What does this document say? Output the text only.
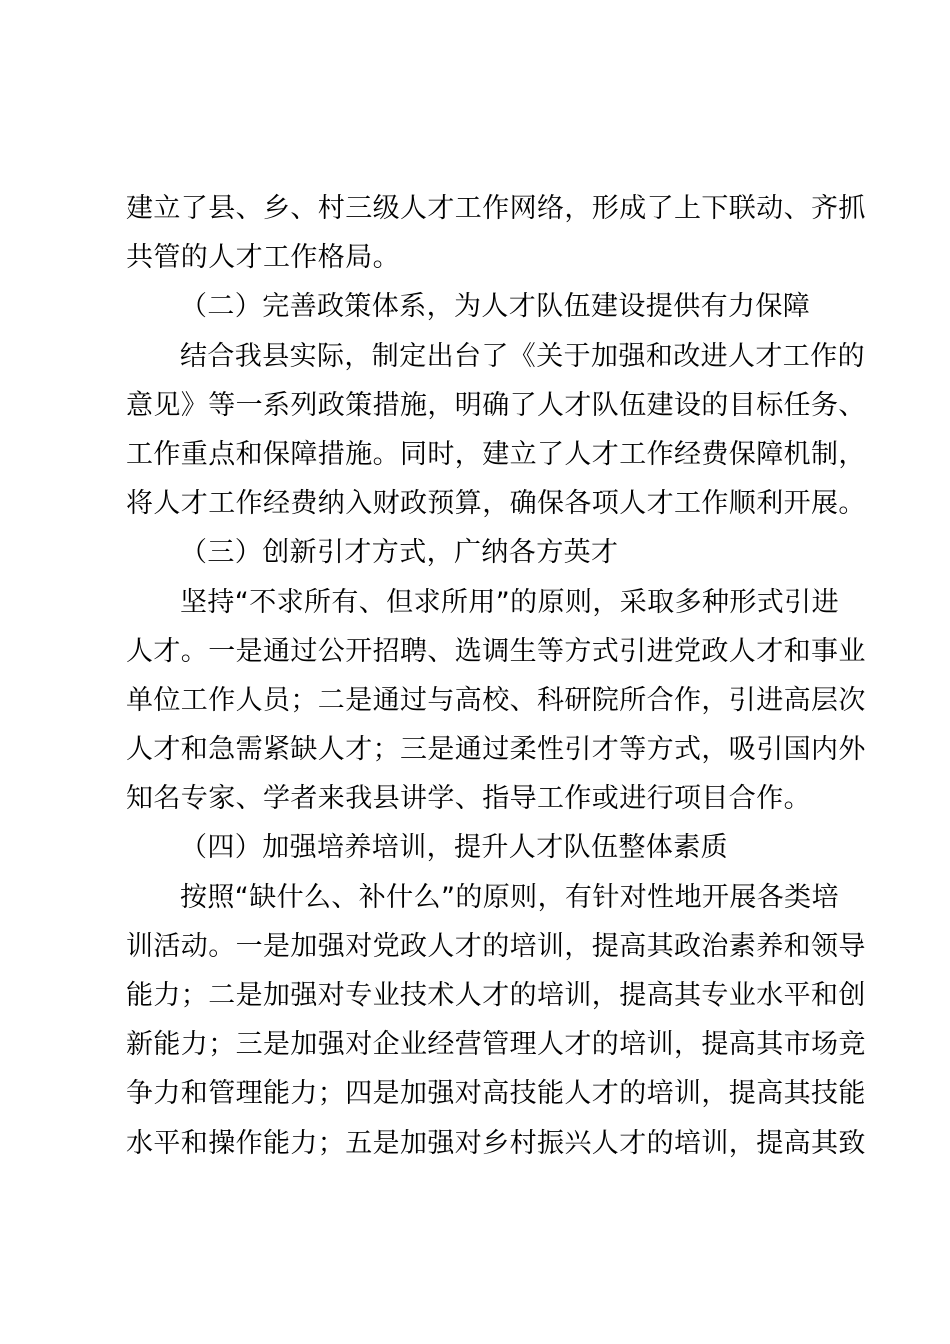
建立了县、乡、村三级人才工作网络，形成了上下联动、齐抓
共管的人才工作格局。
（二）完善政策体系，为人才队伍建设提供有力保障
结合我县实际，制定出台了《关于加强和改进人才工作的
意见》等一系列政策措施，明确了人才队伍建设的目标任务、
工作重点和保障措施。同时，建立了人才工作经费保障机制，
将人才工作经费纳入财政预算，确保各项人才工作顺利开展。
（三）创新引才方式，广纳各方英才
坚持“不求所有、但求所用”的原则，采取多种形式引进
人才。一是通过公开招聘、选调生等方式引进党政人才和事业
单位工作人员；二是通过与高校、科研院所合作，引进高层次
人才和急需紧缺人才；三是通过柔性引才等方式，吸引国内外
知名专家、学者来我县讲学、指导工作或进行项目合作。
（四）加强培养培训，提升人才队伍整体素质
按照“缺什么、补什么”的原则，有针对性地开展各类培
训活动。一是加强对党政人才的培训，提高其政治素养和领导
能力；二是加强对专业技术人才的培训，提高其专业水平和创
新能力；三是加强对企业经营管理人才的培训，提高其市场竞
争力和管理能力；四是加强对高技能人才的培训，提高其技能
水平和操作能力；五是加强对乡村振兴人才的培训，提高其致
